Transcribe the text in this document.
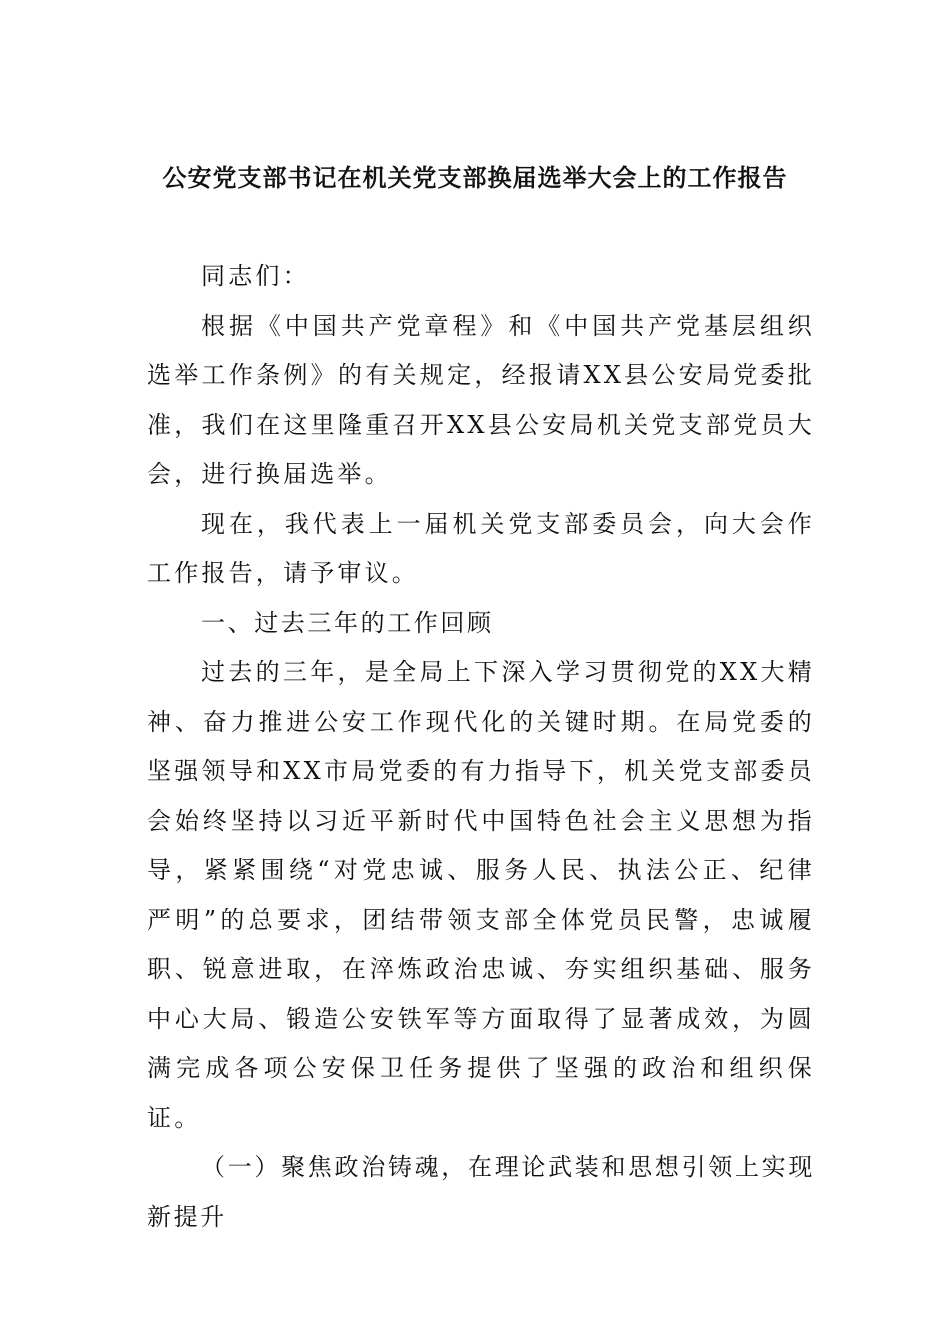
公安党支部书记在机关党支部换届选举大会上的工作报告

同志们：

根据《中国共产党章程》和《中国共产党基层组织选举工作条例》的有关规定，经报请XX县公安局党委批准，我们在这里隆重召开XX县公安局机关党支部党员大会，进行换届选举。

现在，我代表上一届机关党支部委员会，向大会作工作报告，请予审议。

一、过去三年的工作回顾

过去的三年，是全局上下深入学习贯彻党的XX大精神、奋力推进公安工作现代化的关键时期。在局党委的坚强领导和XX市局党委的有力指导下，机关党支部委员会始终坚持以习近平新时代中国特色社会主义思想为指导，紧紧围绕“对党忠诚、服务人民、执法公正、纪律严明”的总要求，团结带领支部全体党员民警，忠诚履职、锐意进取，在淬炼政治忠诚、夯实组织基础、服务中心大局、锻造公安铁军等方面取得了显著成效，为圆满完成各项公安保卫任务提供了坚强的政治和组织保证。

（一）聚焦政治铸魂，在理论武装和思想引领上实现新提升
